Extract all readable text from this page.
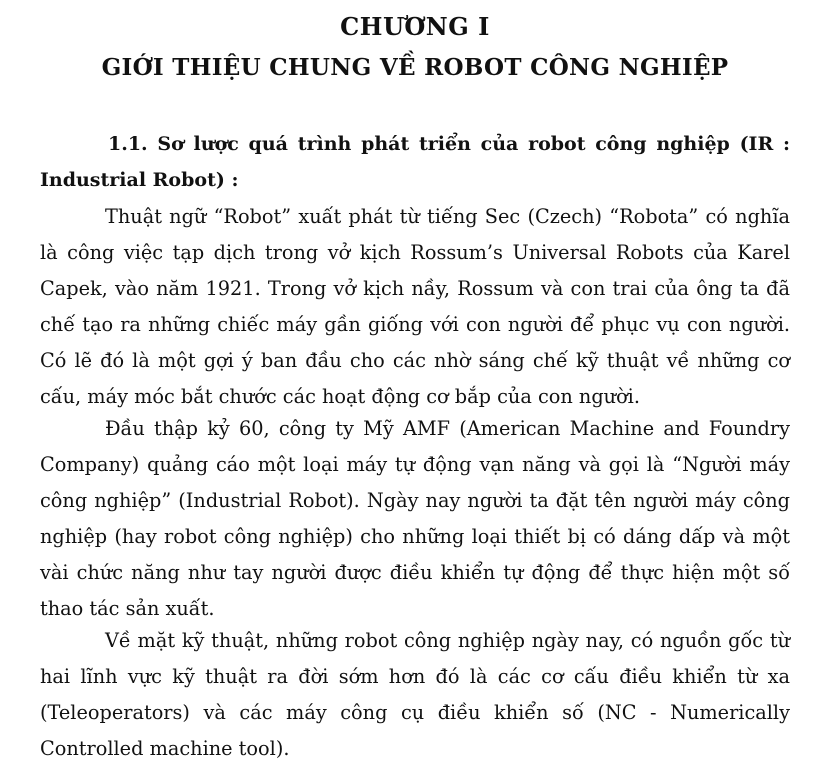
CHƯƠNG I
GIỚI THIỆU CHUNG VỀ ROBOT CÔNG NGHIỆP

1.1. Sơ lược quá trình phát triển của robot công nghiệp (IR : Industrial Robot) :

Thuật ngữ “Robot” xuất phát từ tiếng Sec (Czech) “Robota” có nghĩa là công việc tạp dịch trong vở kịch Rossum’s Universal Robots của Karel Capek, vào năm 1921. Trong vở kịch nầy, Rossum và con trai của ông ta đã chế tạo ra những chiếc máy gần giống với con người để phục vụ con người. Có lẽ đó là một gợi ý ban đầu cho các nhờ sáng chế kỹ thuật về những cơ cấu, máy móc bắt chước các hoạt động cơ bắp của con người.

Đầu thập kỷ 60, công ty Mỹ AMF (American Machine and Foundry Company) quảng cáo một loại máy tự động vạn năng và gọi là “Người máy công nghiệp” (Industrial Robot). Ngày nay người ta đặt tên người máy công nghiệp (hay robot công nghiệp) cho những loại thiết bị có dáng dấp và một vài chức năng như tay người được điều khiển tự động để thực hiện một số thao tác sản xuất.

Về mặt kỹ thuật, những robot công nghiệp ngày nay, có nguồn gốc từ hai lĩnh vực kỹ thuật ra đời sớm hơn đó là các cơ cấu điều khiển từ xa (Teleoperators) và các máy công cụ điều khiển số (NC - Numerically Controlled machine tool).
